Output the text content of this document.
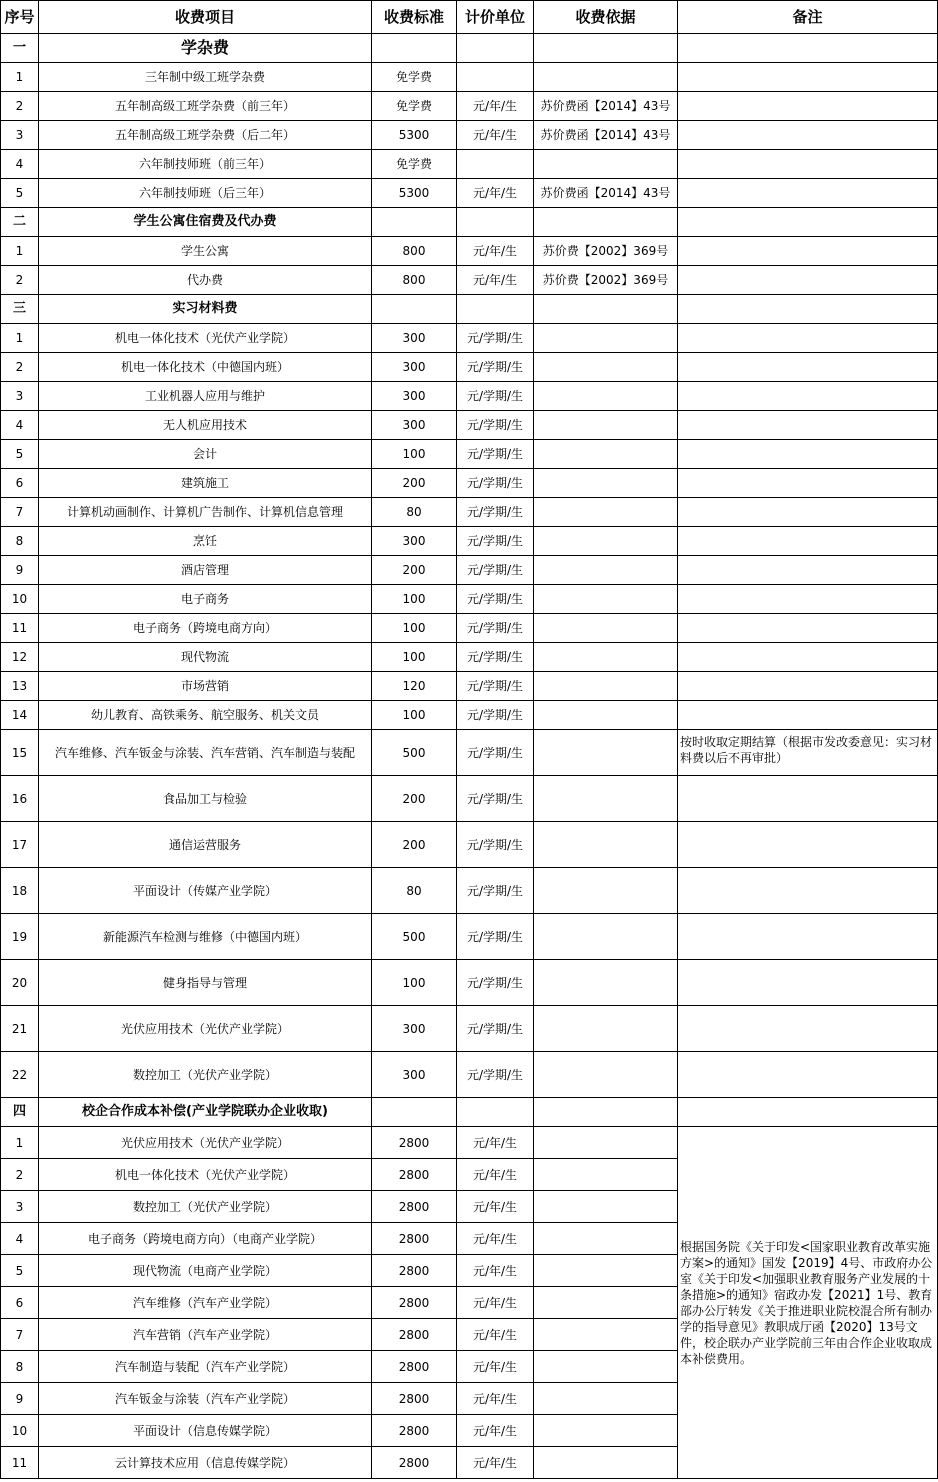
序号	收费项目	收费标准	计价单位	收费依据	备注
一	学杂费				
1	三年制中级工班学杂费	免学费			
2	五年制高级工班学杂费（前三年）	免学费	元/年/生	苏价费函【2014】43号	
3	五年制高级工班学杂费（后二年）	5300	元/年/生	苏价费函【2014】43号	
4	六年制技师班（前三年）	免学费			
5	六年制技师班（后三年）	5300	元/年/生	苏价费函【2014】43号	
二	学生公寓住宿费及代办费				
1	学生公寓	800	元/年/生	苏价费【2002】369号	
2	代办费	800	元/年/生	苏价费【2002】369号	
三	实习材料费				
1	机电一体化技术（光伏产业学院）	300	元/学期/生		
2	机电一体化技术（中德国内班）	300	元/学期/生		
3	工业机器人应用与维护	300	元/学期/生		
4	无人机应用技术	300	元/学期/生		
5	会计	100	元/学期/生		
6	建筑施工	200	元/学期/生		
7	计算机动画制作、计算机广告制作、计算机信息管理	80	元/学期/生		
8	烹饪	300	元/学期/生		
9	酒店管理	200	元/学期/生		
10	电子商务	100	元/学期/生		
11	电子商务（跨境电商方向）	100	元/学期/生		
12	现代物流	100	元/学期/生		
13	市场营销	120	元/学期/生		
14	幼儿教育、高铁乘务、航空服务、机关文员	100	元/学期/生		
15	汽车维修、汽车钣金与涂装、汽车营销、汽车制造与装配	500	元/学期/生		按时收取定期结算（根据市发改委意见：实习材料费以后不再审批）
16	食品加工与检验	200	元/学期/生		
17	通信运营服务	200	元/学期/生		
18	平面设计（传媒产业学院）	80	元/学期/生		
19	新能源汽车检测与维修（中德国内班）	500	元/学期/生		
20	健身指导与管理	100	元/学期/生		
21	光伏应用技术（光伏产业学院）	300	元/学期/生		
22	数控加工（光伏产业学院）	300	元/学期/生		
四	校企合作成本补偿(产业学院联办企业收取)				
1	光伏应用技术（光伏产业学院）	2800	元/年/生		根据国务院《关于印发<国家职业教育改革实施方案>的通知》国发【2019】4号、市政府办公室《关于印发<加强职业教育服务产业发展的十条措施>的通知》宿政办发【2021】1号、教育部办公厅转发《关于推进职业院校混合所有制办学的指导意见》教职成厅函【2020】13号文件，校企联办产业学院前三年由合作企业收取成本补偿费用。
2	机电一体化技术（光伏产业学院）	2800	元/年/生		
3	数控加工（光伏产业学院）	2800	元/年/生		
4	电子商务（跨境电商方向）（电商产业学院）	2800	元/年/生		
5	现代物流（电商产业学院）	2800	元/年/生		
6	汽车维修（汽车产业学院）	2800	元/年/生		
7	汽车营销（汽车产业学院）	2800	元/年/生		
8	汽车制造与装配（汽车产业学院）	2800	元/年/生		
9	汽车钣金与涂装（汽车产业学院）	2800	元/年/生		
10	平面设计（信息传媒学院）	2800	元/年/生		
11	云计算技术应用（信息传媒学院）	2800	元/年/生		
